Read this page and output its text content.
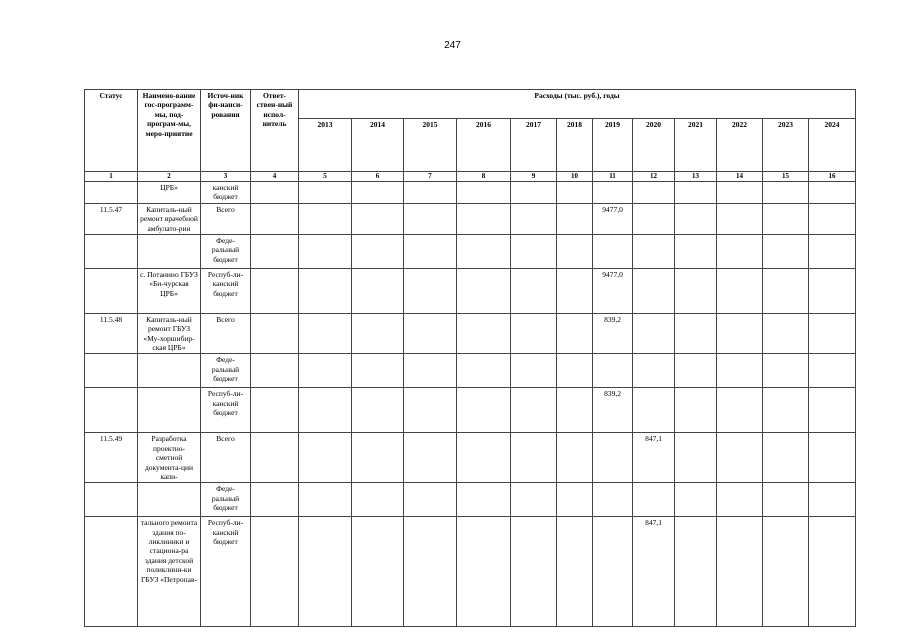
247
Статус	Наимено-вание гос-программ-мы, под-програм-мы, меро-приятие	Источ-ник фи-нанси-рования	Ответ-ствен-ный испол-нитель	Расходы (тыс. руб.), годы											
				2013	2014	2015	2016	2017	2018	2019	2020	2021	2022	2023	2024
1	2	3	4	5	6	7	8	9	10	11	12	13	14	15	16
	ЦРБ»	канский бюджет													
11.5.47	Капиталь-ный ремонт врачебной амбулато-рии	Всего								9477,0					
		Феде-ральный бюджет													
	с. Потанино ГБУЗ «Би-чурская ЦРБ»	Респуб-ли-канский бюджет								9477,0					
11.5.48	Капиталь-ный ремонт ГБУЗ «Му-хоршибир-ская ЦРБ»	Всего								839,2					
		Феде-ральный бюджет													
		Респуб-ли-канский бюджет								839,2					
11.5.49	Разработка проектно-сметной документа-ции капи-	Всего									847,1				
		Феде-ральный бюджет													
	тального ремонта здания по-ликлиники и стациона-ра здания детской поликлини-ки ГБУЗ «Петропав-	Респуб-ли-канский бюджет									847,1				
